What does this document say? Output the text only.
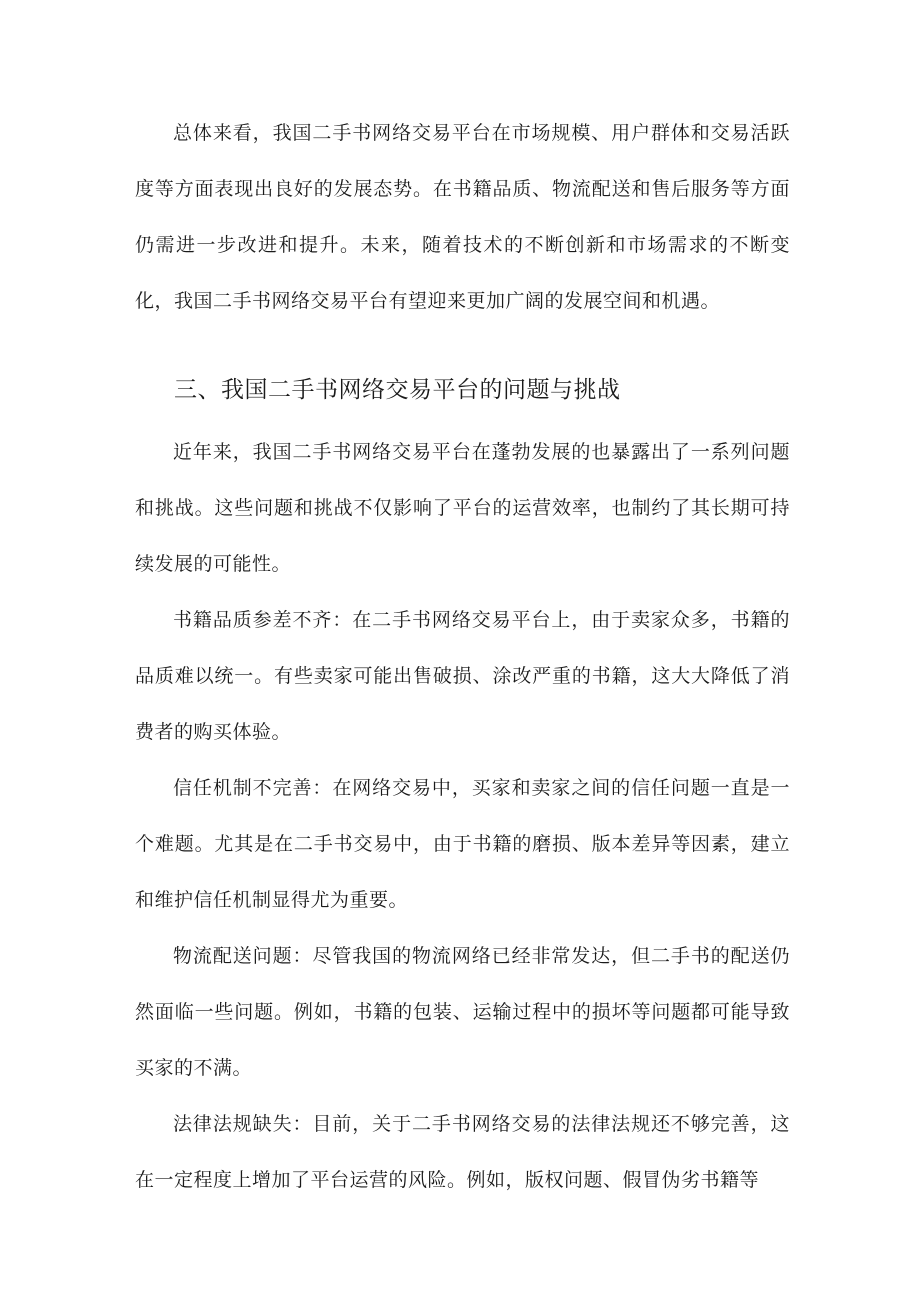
总体来看，我国二手书网络交易平台在市场规模、用户群体和交易活跃度等方面表现出良好的发展态势。在书籍品质、物流配送和售后服务等方面仍需进一步改进和提升。未来，随着技术的不断创新和市场需求的不断变化，我国二手书网络交易平台有望迎来更加广阔的发展空间和机遇。

三、我国二手书网络交易平台的问题与挑战

近年来，我国二手书网络交易平台在蓬勃发展的也暴露出了一系列问题和挑战。这些问题和挑战不仅影响了平台的运营效率，也制约了其长期可持续发展的可能性。

书籍品质参差不齐：在二手书网络交易平台上，由于卖家众多，书籍的品质难以统一。有些卖家可能出售破损、涂改严重的书籍，这大大降低了消费者的购买体验。

信任机制不完善：在网络交易中，买家和卖家之间的信任问题一直是一个难题。尤其是在二手书交易中，由于书籍的磨损、版本差异等因素，建立和维护信任机制显得尤为重要。

物流配送问题：尽管我国的物流网络已经非常发达，但二手书的配送仍然面临一些问题。例如，书籍的包装、运输过程中的损坏等问题都可能导致买家的不满。

法律法规缺失：目前，关于二手书网络交易的法律法规还不够完善，这在一定程度上增加了平台运营的风险。例如，版权问题、假冒伪劣书籍等
